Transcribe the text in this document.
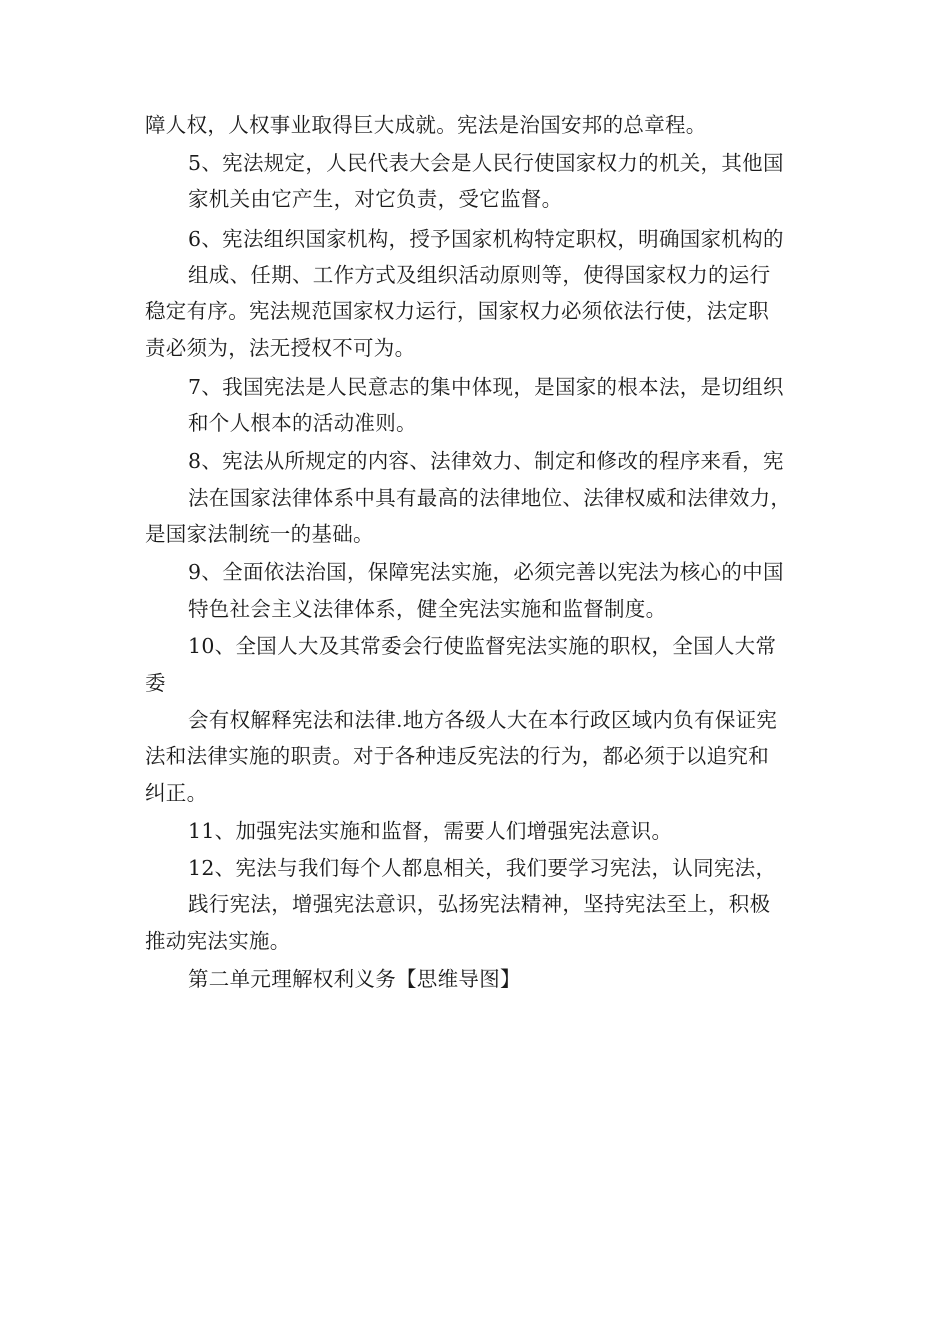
障人权，人权事业取得巨大成就。宪法是治国安邦的总章程。
5、宪法规定，人民代表大会是人民行使国家权力的机关，其他国
家机关由它产生，对它负责，受它监督。
6、宪法组织国家机构，授予国家机构特定职权，明确国家机构的
组成、任期、工作方式及组织活动原则等，使得国家权力的运行
稳定有序。宪法规范国家权力运行，国家权力必须依法行使，法定职
责必须为，法无授权不可为。
7、我国宪法是人民意志的集中体现，是国家的根本法，是切组织
和个人根本的活动准则。
8、宪法从所规定的内容、法律效力、制定和修改的程序来看，宪
法在国家法律体系中具有最高的法律地位、法律权威和法律效力，
是国家法制统一的基础。
9、全面依法治国，保障宪法实施，必须完善以宪法为核心的中国
特色社会主义法律体系，健全宪法实施和监督制度。
10、全国人大及其常委会行使监督宪法实施的职权，全国人大常
委
会有权解释宪法和法律.地方各级人大在本行政区域内负有保证宪
法和法律实施的职责。对于各种违反宪法的行为，都必须于以追究和
纠正。
11、加强宪法实施和监督，需要人们增强宪法意识。
12、宪法与我们每个人都息相关，我们要学习宪法，认同宪法，
践行宪法，增强宪法意识，弘扬宪法精神，坚持宪法至上，积极
推动宪法实施。
第二单元理解权利义务【思维导图】
